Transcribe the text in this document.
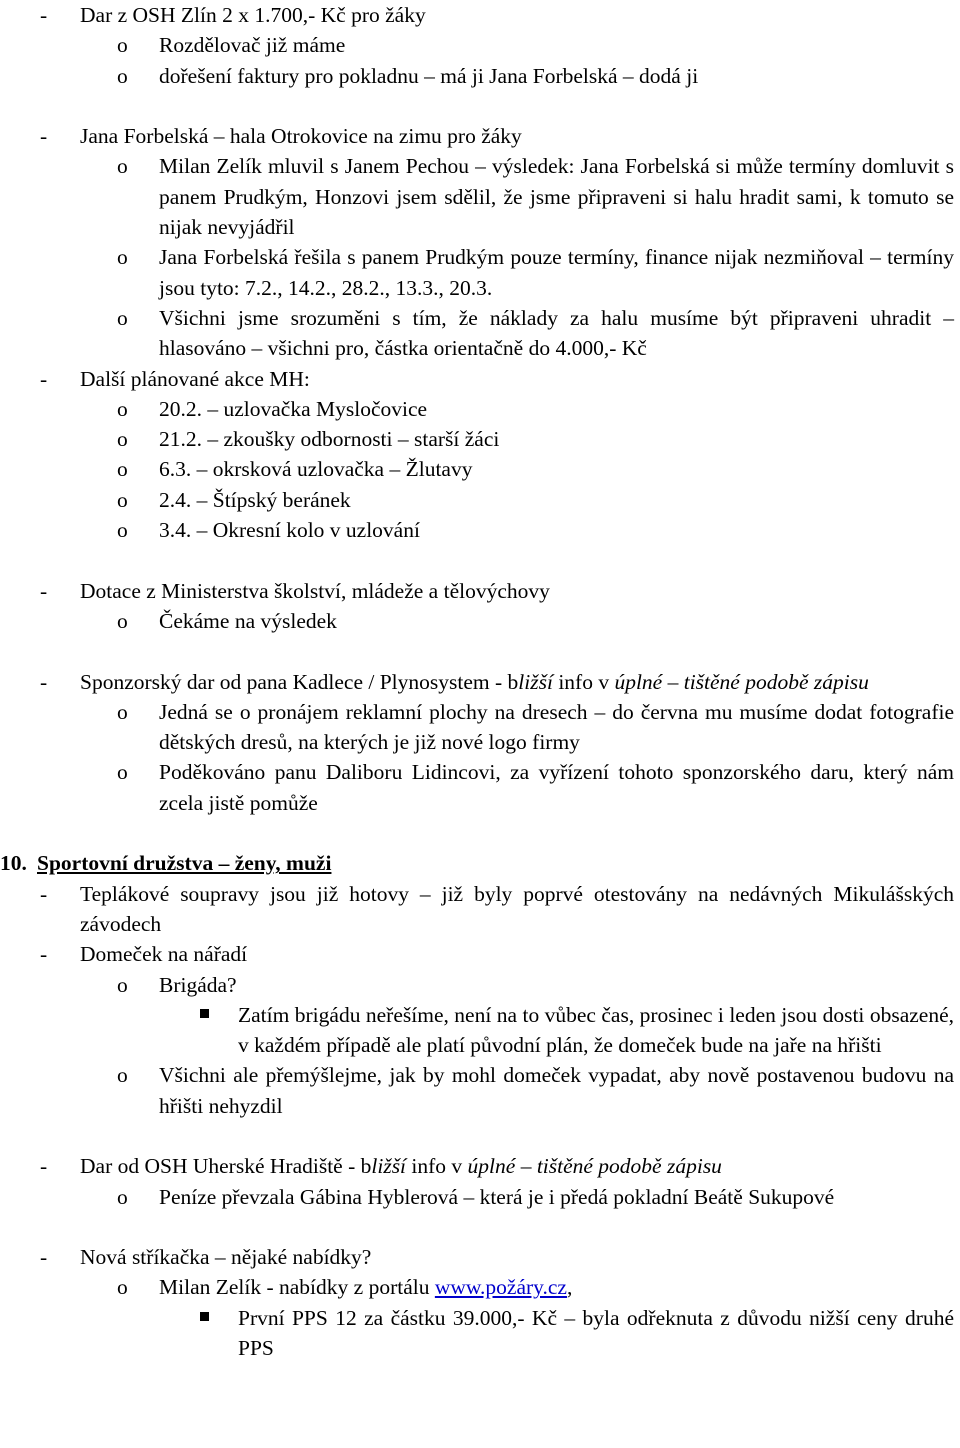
- Dar z OSH Zlín 2 x 1.700,- Kč pro žáky

o Rozdělovač již máme

o dořešení faktury pro pokladnu – má ji Jana Forbelská – dodá ji

- Jana Forbelská – hala Otrokovice na zimu pro žáky

o Milan Zelík mluvil s Janem Pechou – výsledek: Jana Forbelská si může termíny domluvit s panem Prudkým, Honzovi jsem sdělil, že jsme připraveni si halu hradit sami, k tomuto se nijak nevyjádřil

o Jana Forbelská řešila s panem Prudkým pouze termíny, finance nijak nezmiňoval – termíny jsou tyto: 7.2., 14.2., 28.2., 13.3., 20.3.

o Všichni jsme srozuměni s tím, že náklady za halu musíme být připraveni uhradit – hlasováno – všichni pro, částka orientačně do 4.000,- Kč

- Další plánované akce MH:

o 20.2. – uzlovačka Mysločovice

o 21.2. – zkoušky odbornosti – starší žáci

o 6.3. – okrsková uzlovačka – Žlutavy

o 2.4. – Štípský beránek

o 3.4. – Okresní kolo v uzlování

- Dotace z Ministerstva školství, mládeže a tělovýchovy

o Čekáme na výsledek

- Sponzorský dar od pana Kadlece / Plynosystem - bližší info v úplné – tištěné podobě zápisu

o Jedná se o pronájem reklamní plochy na dresech – do června mu musíme dodat fotografie dětských dresů, na kterých je již nové logo firmy

o Poděkováno panu Daliboru Lidincovi, za vyřízení tohoto sponzorského daru, který nám zcela jistě pomůže

10. Sportovní družstva – ženy, muži
- Teplákové soupravy jsou již hotovy – již byly poprvé otestovány na nedávných Mikulášských závodech

- Domeček na nářadí

o Brigáda?

Zatím brigádu neřešíme, není na to vůbec čas, prosinec i leden jsou dosti obsazené, v každém případě ale platí původní plán, že domeček bude na jaře na hřišti

o Všichni ale přemýšlejme, jak by mohl domeček vypadat, aby nově postavenou budovu na hřišti nehyzdil

- Dar od OSH Uherské Hradiště - bližší info v úplné – tištěné podobě zápisu

o Peníze převzala Gábina Hyblerová – která je i předá pokladní Beátě Sukupové

- Nová stříkačka – nějaké nabídky?

o Milan Zelík - nabídky z portálu www.požáry.cz,

První PPS 12 za částku 39.000,- Kč – byla odřeknuta z důvodu nižší ceny druhé PPS
